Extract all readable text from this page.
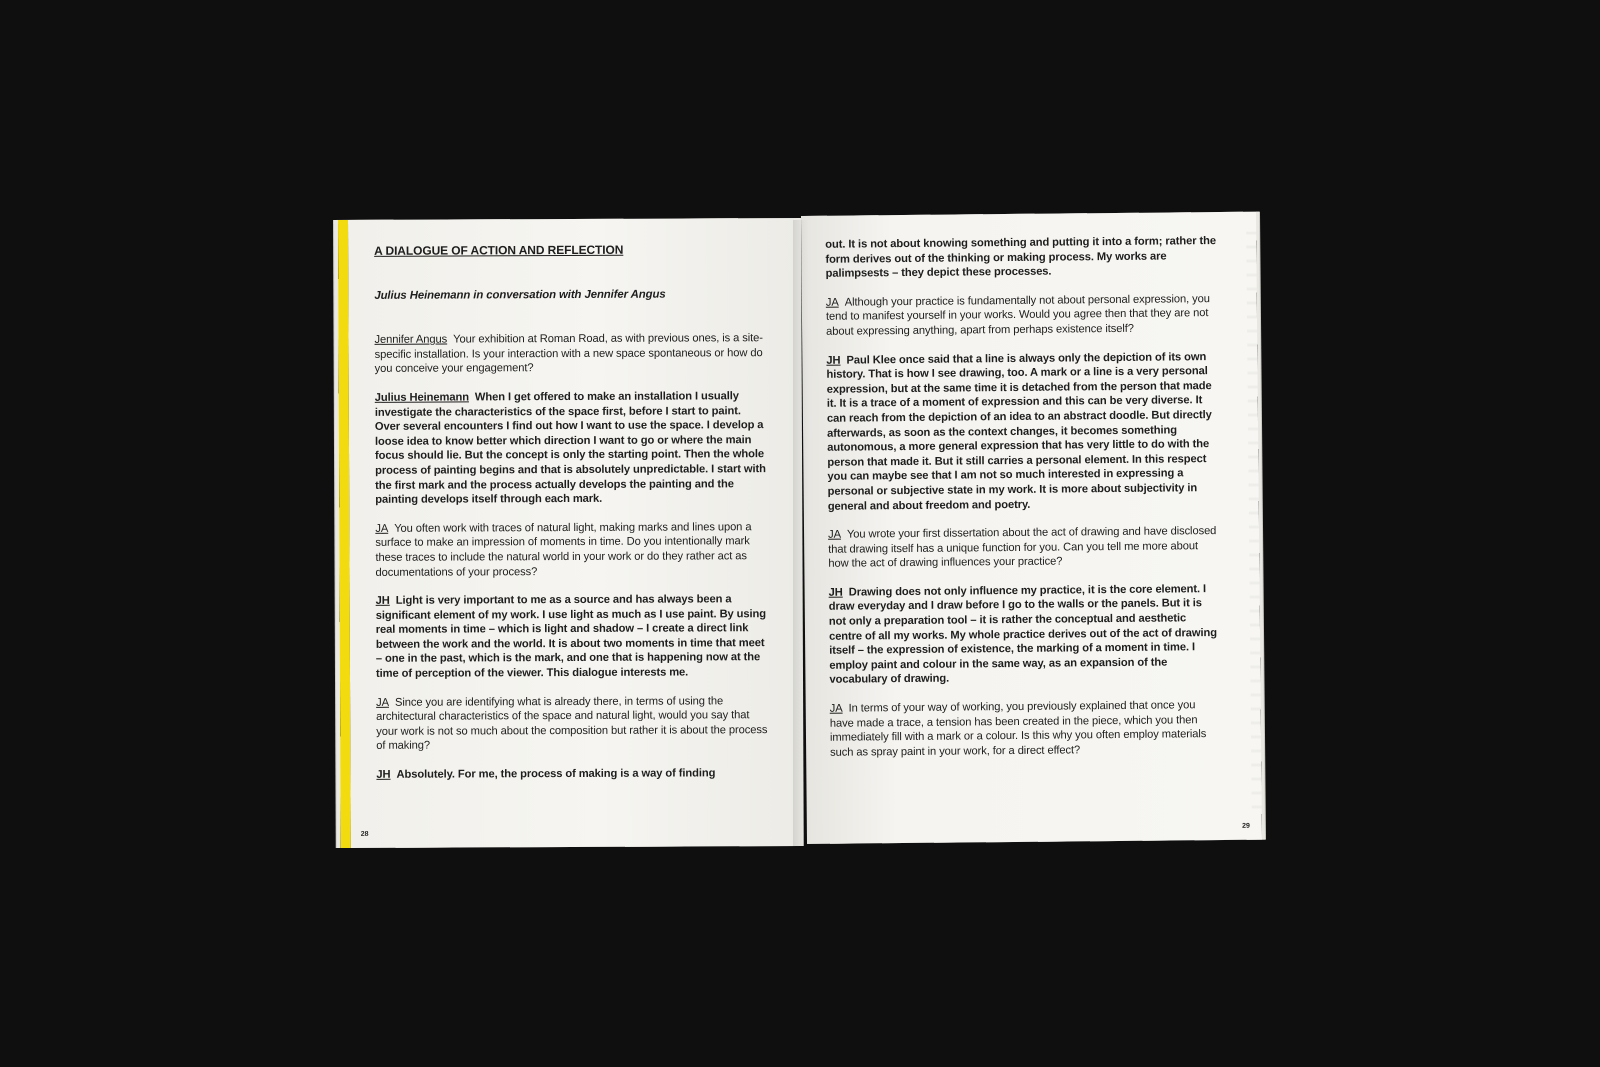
A DIALOGUE OF ACTION AND REFLECTION
Julius Heinemann in conversation with Jennifer Angus
Jennifer Angus Your exhibition at Roman Road, as with previous ones, is a site-specific installation. Is your interaction with a new space spontaneous or how do you conceive your engagement?
Julius Heinemann When I get offered to make an installation I usually investigate the characteristics of the space first, before I start to paint. Over several encounters I find out how I want to use the space. I develop a loose idea to know better which direction I want to go or where the main focus should lie. But the concept is only the starting point. Then the whole process of painting begins and that is absolutely unpredictable. I start with the first mark and the process actually develops the painting and the painting develops itself through each mark.
JA You often work with traces of natural light, making marks and lines upon a surface to make an impression of moments in time. Do you intentionally mark these traces to include the natural world in your work or do they rather act as documentations of your process?
JH Light is very important to me as a source and has always been a significant element of my work. I use light as much as I use paint. By using real moments in time – which is light and shadow – I create a direct link between the work and the world. It is about two moments in time that meet – one in the past, which is the mark, and one that is happening now at the time of perception of the viewer. This dialogue interests me.
JA Since you are identifying what is already there, in terms of using the architectural characteristics of the space and natural light, would you say that your work is not so much about the composition but rather it is about the process of making?
JH Absolutely. For me, the process of making is a way of finding
28
out. It is not about knowing something and putting it into a form; rather the form derives out of the thinking or making process. My works are palimpsests – they depict these processes.
JA Although your practice is fundamentally not about personal expression, you tend to manifest yourself in your works. Would you agree then that they are not about expressing anything, apart from perhaps existence itself?
JH Paul Klee once said that a line is always only the depiction of its own history. That is how I see drawing, too. A mark or a line is a very personal expression, but at the same time it is detached from the person that made it. It is a trace of a moment of expression and this can be very diverse. It can reach from the depiction of an idea to an abstract doodle. But directly afterwards, as soon as the context changes, it becomes something autonomous, a more general expression that has very little to do with the person that made it. But it still carries a personal element. In this respect you can maybe see that I am not so much interested in expressing a personal or subjective state in my work. It is more about subjectivity in general and about freedom and poetry.
JA You wrote your first dissertation about the act of drawing and have disclosed that drawing itself has a unique function for you. Can you tell me more about how the act of drawing influences your practice?
JH Drawing does not only influence my practice, it is the core element. I draw everyday and I draw before I go to the walls or the panels. But it is not only a preparation tool – it is rather the conceptual and aesthetic centre of all my works. My whole practice derives out of the act of drawing itself – the expression of existence, the marking of a moment in time. I employ paint and colour in the same way, as an expansion of the vocabulary of drawing.
JA In terms of your way of working, you previously explained that once you have made a trace, a tension has been created in the piece, which you then immediately fill with a mark or a colour. Is this why you often employ materials such as spray paint in your work, for a direct effect?
29
